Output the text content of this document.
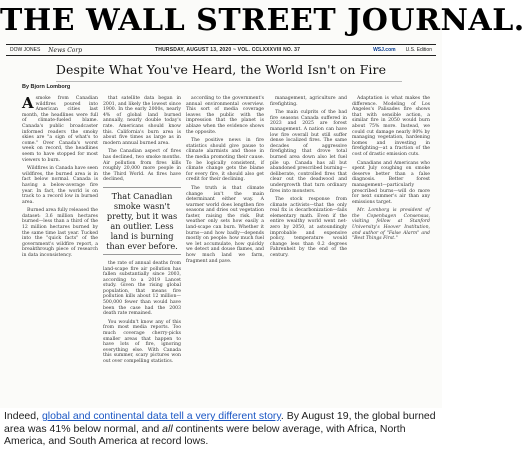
THE WALL STREET JOURNAL.
DOW JONES News Corp	THURSDAY, AUGUST 13, 2020 ~ VOL. CCLXXXVIII NO. 37	WSJ.com U.S. Edition
Despite What You've Heard, the World Isn't on Fire
By Bjorn Lomborg

Asmoke from Canadian wildfires poured into American cities last month, the headlines were full of climate-fueled blame. Canada's public broadcaster informed readers the smoky skies are "a sign of what's to come." Over Canada's worst week on record, the headlines seem to have stopped for most viewers to burn.

Wildfires in Canada have seen wildfires, the burned area is in fact below normal. Canada is having a below-average fire year. In fact, the world is on track to a record low in burned area.

Burned area fully released the dataset: 3.6 million hectares burned—less than a third of the 12 million hectares burned by the same time last year. Tucked into the "quick facts" of the government's wildfire report, a breakthrough piece of research in data inconsistency.

that satellite data began in 2001, and likely the lowest since 1900. In the early 2000s, nearly 4% of global land burned annually, nearly double today's rate. Americans should know this. California's burn area is about five times as large as in modern annual burned area.

The Canadian aspect of fires has declined, two smoke months. Air pollution from fires kills roughly 20,000 more people in the Third World. As fires have declined,

That Canadian smoke wasn't pretty, but it was an outlier. Less land is burning than ever before.

the rate of annual deaths from land-scape fire air pollution has fallen substantially since 2003, according to a 2019 Lancet study. Given the rising global population, that means fire pollution kills about 12 million—500,000 fewer than would have been the case had the 2003 death rate remained.

You wouldn't know any of this from most media reports. Too much coverage cherry-picks smaller areas that happen to have lots of fire, ignoring everything else. With Canada this summer, scary pictures won out over compelling statistics.

according to the government's annual environmental overview. This sort of media coverage leaves the public with the impression that the planet is ablaze when the evidence shows the opposite.

The positive news in fire statistics should give pause to climate alarmists and those in the media promoting their cause. To be logically consistent, if climate change gets the blame for every fire, it should also get credit for their declining.

The truth is that climate change isn't the main determinant either way. A warmer world does lengthen fire seasons and dries out vegetation faster, raising the risk. But weather only sets how easily a land-scape can burn. Whether it burns—and how badly—depends mostly on people: how much fuel we let accumulate, how quickly we detect and douse flames, and how much land we farm, fragment and pave.

management, agriculture and firefighting.

The main culprits of the bad fire seasons Canada suffered in 2023 and 2025 are forest management. A nation can have low fire overall but still suffer dense localized fires. The same decades of aggressive firefighting that drove total burned area down also let fuel pile up. Canada has all but abandoned prescribed burning—deliberate, controlled fires that clear out the deadwood and undergrowth that turn ordinary fires into monsters.

The stock response from climate activists—that the only real fix is decarbonization—fails elementary math. Even if the entire wealthy world went net-zero by 2050, at astoundingly improbable and expensive policy, temperature would change less than 0.2 degrees Fahrenheit by the end of the century.

Adaptation is what makes the difference. Modeling of Los Angeles's Palisades fire shows that with sensible action, a similar fire in 2050 would burn about 75% more. Instead, we could cut damage nearly 80% by managing vegetation, hardening homes and investing in firefighting—at a fraction of the cost of drastic emission cuts.

Canadians and Americans who spent July coughing on smoke deserve better than a false diagnosis. Better forest management—particularly prescribed burns—will do more for next summer's air than any emissions target.

Mr. Lomborg is president of the Copenhagen Consensus, visiting fellow at Stanford University's Hoover Institution, and author of "False Alarm" and "Best Things First."

Indeed, global and continental data tell a very different story. By August 19, the global burned area was 41% below normal, and all continents were below average, with Africa, North America, and South America at record lows.
